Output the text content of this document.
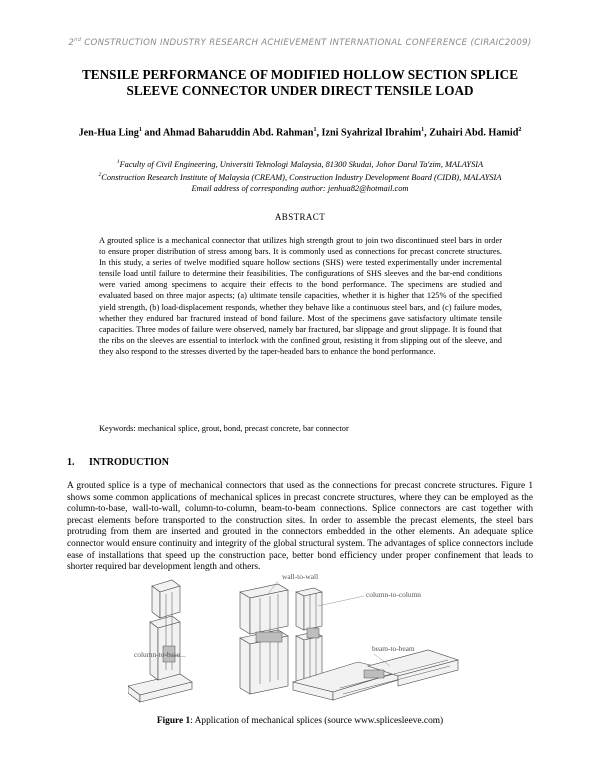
2nd CONSTRUCTION INDUSTRY RESEARCH ACHIEVEMENT INTERNATIONAL CONFERENCE (CIRAIC2009)
TENSILE PERFORMANCE OF MODIFIED HOLLOW SECTION SPLICE
SLEEVE CONNECTOR UNDER DIRECT TENSILE LOAD
Jen-Hua Ling$^1$ and Ahmad Baharuddin Abd. Rahman$^1$, Izni Syahrizal Ibrahim$^1$, Zuhairi Abd. Hamid$^2$
$^1$Faculty of Civil Engineering, Universiti Teknologi Malaysia, 81300 Skudai, Johor Darul Ta'zim, MALAYSIA
$^2$Construction Research Institute of Malaysia (CREAM), Construction Industry Development Board (CIDB), MALAYSIA
Email address of corresponding author: jenhua82@hotmail.com
ABSTRACT
A grouted splice is a mechanical connector that utilizes high strength grout to join two discontinued steel bars in order to ensure proper distribution of stress among bars. It is commonly used as connections for precast concrete structures. In this study, a series of twelve modified square hollow sections (SHS) were tested experimentally under incremental tensile load until failure to determine their feasibilities. The configurations of SHS sleeves and the bar-end conditions were varied among specimens to acquire their effects to the bond performance. The specimens are studied and evaluated based on three major aspects; (a) ultimate tensile capacities, whether it is higher that 125% of the specified yield strength, (b) load-displacement responds, whether they behave like a continuous steel bars, and (c) failure modes, whether they endured bar fractured instead of bond failure. Most of the specimens gave satisfactory ultimate tensile capacities. Three modes of failure were observed, namely bar fractured, bar slippage and grout slippage. It is found that the ribs on the sleeves are essential to interlock with the confined grout, resisting it from slipping out of the sleeve, and they also respond to the stresses diverted by the taper-headed bars to enhance the bond performance.
Keywords: mechanical splice, grout, bond, precast concrete, bar connector
1. INTRODUCTION
A grouted splice is a type of mechanical connectors that used as the connections for precast concrete structures. Figure 1 shows some common applications of mechanical splices in precast concrete structures, where they can be employed as the column-to-base, wall-to-wall, column-to-column, beam-to-beam connections. Splice connectors are cast together with precast elements before transported to the construction sites. In order to assemble the precast elements, the steel bars protruding from them are inserted and grouted in the connectors embedded in the other elements. An adequate splice connector would ensure continuity and integrity of the global structural system. The advantages of splice connectors include ease of installations that speed up the construction pace, better bond efficiency under proper confinement that leads to shorter required bar development length and others.
wall-to-wall
column-to-column
column-to-base
beam-to-beam
Figure 1: Application of mechanical splices (source www.splicesleeve.com)
